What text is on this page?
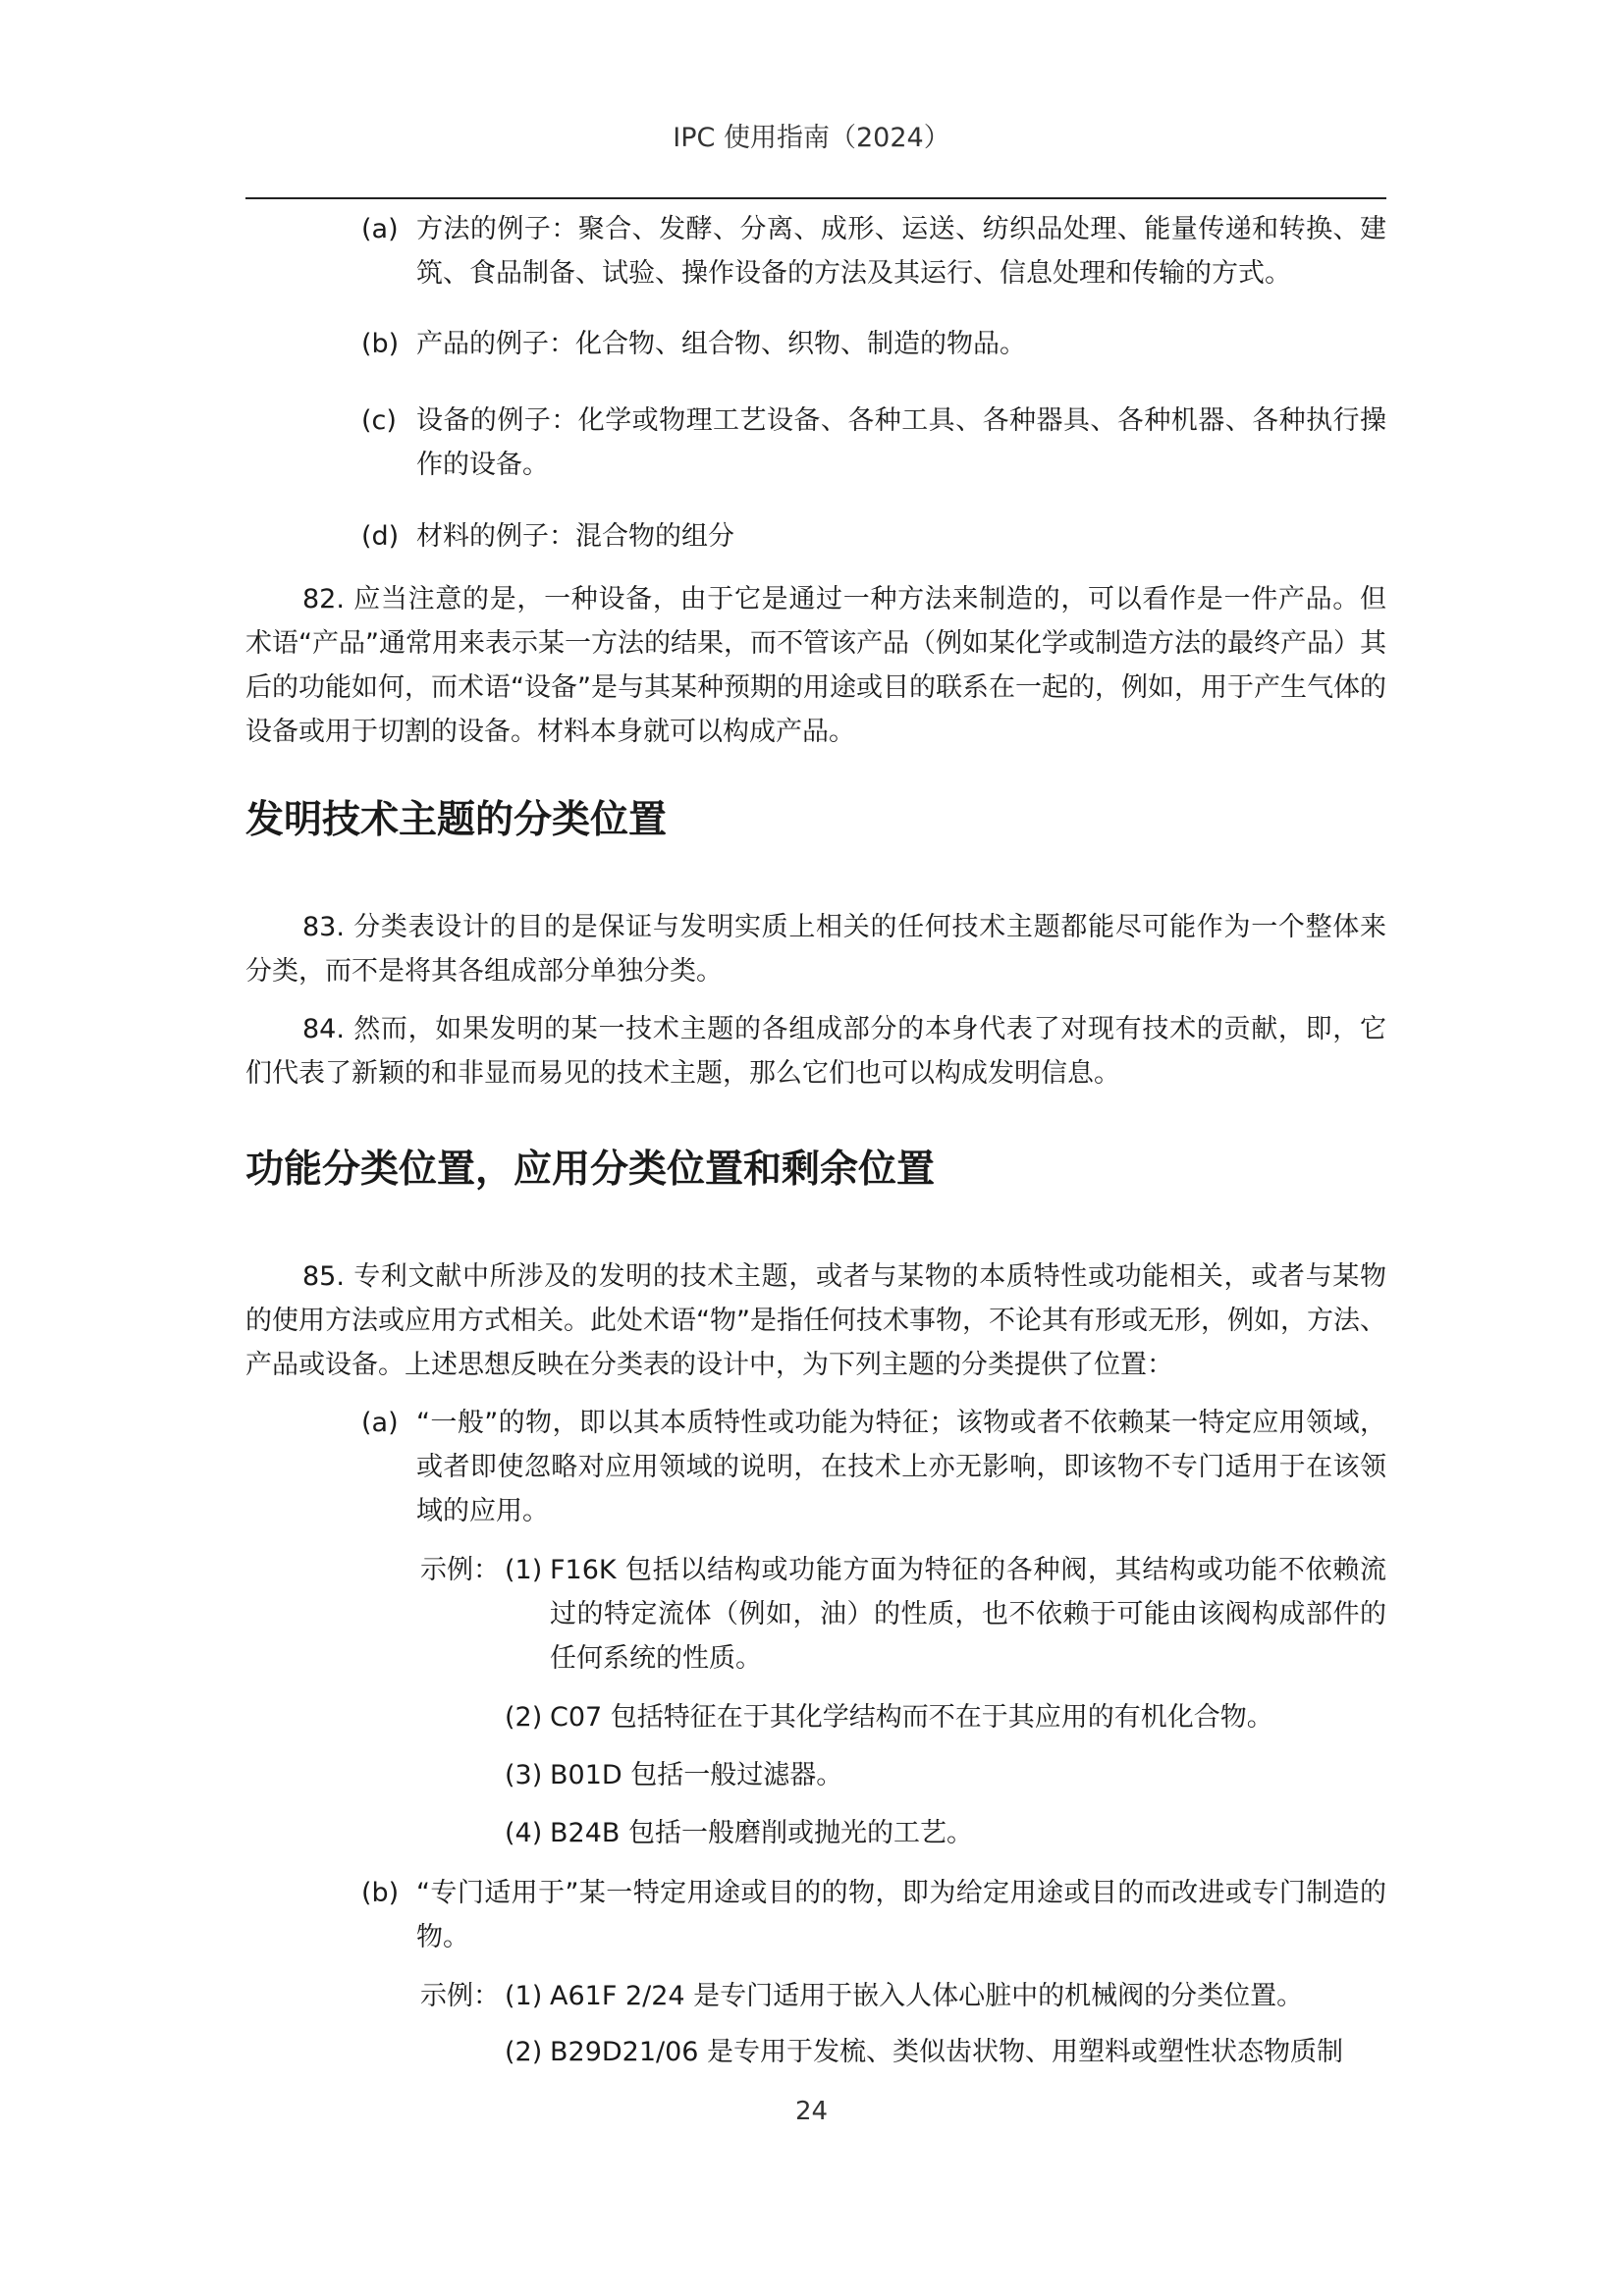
IPC 使用指南（2024）
(a) 方法的例子：聚合、发酵、分离、成形、运送、纺织品处理、能量传递和转换、建筑、食品制备、试验、操作设备的方法及其运行、信息处理和传输的方式。
(b) 产品的例子：化合物、组合物、织物、制造的物品。
(c) 设备的例子：化学或物理工艺设备、各种工具、各种器具、各种机器、各种执行操作的设备。
(d) 材料的例子：混合物的组分
82. 应当注意的是，一种设备，由于它是通过一种方法来制造的，可以看作是一件产品。但术语“产品”通常用来表示某一方法的结果，而不管该产品（例如某化学或制造方法的最终产品）其后的功能如何，而术语“设备”是与其某种预期的用途或目的联系在一起的，例如，用于产生气体的设备或用于切割的设备。材料本身就可以构成产品。
发明技术主题的分类位置
83. 分类表设计的目的是保证与发明实质上相关的任何技术主题都能尽可能作为一个整体来分类，而不是将其各组成部分单独分类。
84. 然而，如果发明的某一技术主题的各组成部分的本身代表了对现有技术的贡献，即，它们代表了新颖的和非显而易见的技术主题，那么它们也可以构成发明信息。
功能分类位置，应用分类位置和剩余位置
85. 专利文献中所涉及的发明的技术主题，或者与某物的本质特性或功能相关，或者与某物的使用方法或应用方式相关。此处术语“物”是指任何技术事物，不论其有形或无形，例如，方法、产品或设备。上述思想反映在分类表的设计中，为下列主题的分类提供了位置：
(a) “一般”的物，即以其本质特性或功能为特征；该物或者不依赖某一特定应用领域，或者即使忽略对应用领域的说明，在技术上亦无影响，即该物不专门适用于在该领域的应用。
示例： (1) F16K 包括以结构或功能方面为特征的各种阀，其结构或功能不依赖流过的特定流体（例如，油）的性质，也不依赖于可能由该阀构成部件的任何系统的性质。
(2) C07 包括特征在于其化学结构而不在于其应用的有机化合物。
(3) B01D 包括一般过滤器。
(4) B24B 包括一般磨削或抛光的工艺。
(b) “专门适用于”某一特定用途或目的的物，即为给定用途或目的而改进或专门制造的物。
示例： (1) A61F 2/24 是专门适用于嵌入人体心脏中的机械阀的分类位置。
(2) B29D21/06 是专用于发梳、类似齿状物、用塑料或塑性状态物质制
24
